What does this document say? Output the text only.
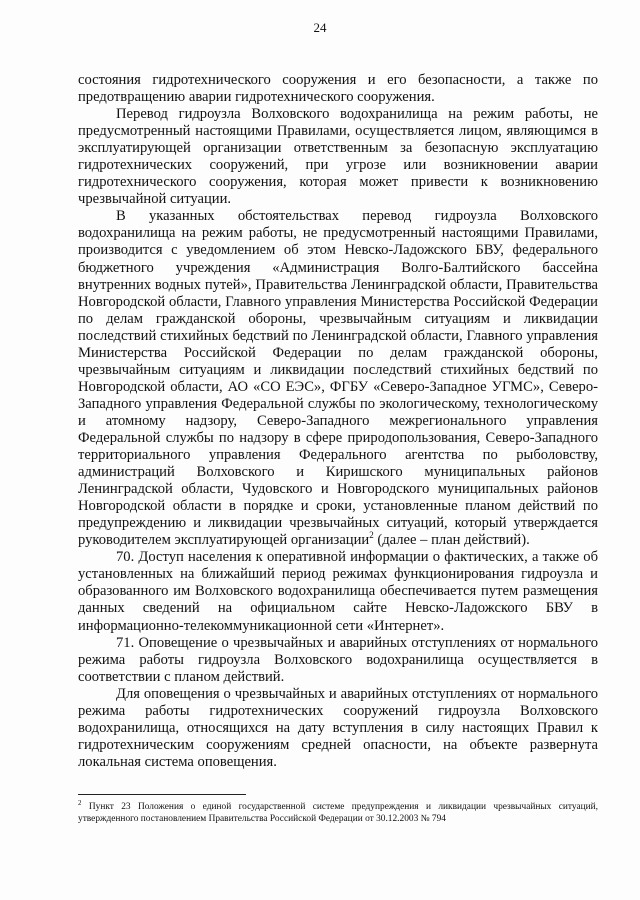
24

состояния гидротехнического сооружения и его безопасности, а также по предотвращению аварии гидротехнического сооружения.

Перевод гидроузла Волховского водохранилища на режим работы, не предусмотренный настоящими Правилами, осуществляется лицом, являющимся в эксплуатирующей организации ответственным за безопасную эксплуатацию гидротехнических сооружений, при угрозе или возникновении аварии гидротехнического сооружения, которая может привести к возникновению чрезвычайной ситуации.

В указанных обстоятельствах перевод гидроузла Волховского водохранилища на режим работы, не предусмотренный настоящими Правилами, производится с уведомлением об этом Невско-Ладожского БВУ, федерального бюджетного учреждения «Администрация Волго-Балтийского бассейна внутренних водных путей», Правительства Ленинградской области, Правительства Новгородской области, Главного управления Министерства Российской Федерации по делам гражданской обороны, чрезвычайным ситуациям и ликвидации последствий стихийных бедствий по Ленинградской области, Главного управления Министерства Российской Федерации по делам гражданской обороны, чрезвычайным ситуациям и ликвидации последствий стихийных бедствий по Новгородской области, АО «СО ЕЭС», ФГБУ «Северо-Западное УГМС», Северо-Западного управления Федеральной службы по экологическому, технологическому и атомному надзору, Северо-Западного межрегионального управления Федеральной службы по надзору в сфере природопользования, Северо-Западного территориального управления Федерального агентства по рыболовству, администраций Волховского и Киришского муниципальных районов Ленинградской области, Чудовского и Новгородского муниципальных районов Новгородской области в порядке и сроки, установленные планом действий по предупреждению и ликвидации чрезвычайных ситуаций, который утверждается руководителем эксплуатирующей организации$^2$ (далее – план действий).

70. Доступ населения к оперативной информации о фактических, а также об установленных на ближайший период режимах функционирования гидроузла и образованного им Волховского водохранилища обеспечивается путем размещения данных сведений на официальном сайте Невско-Ладожского БВУ в информационно-телекоммуникационной сети «Интернет».

71. Оповещение о чрезвычайных и аварийных отступлениях от нормального режима работы гидроузла Волховского водохранилища осуществляется в соответствии с планом действий.

Для оповещения о чрезвычайных и аварийных отступлениях от нормального режима работы гидротехнических сооружений гидроузла Волховского водохранилища, относящихся на дату вступления в силу настоящих Правил к гидротехническим сооружениям средней опасности, на объекте развернута локальная система оповещения.

$^2$ Пункт 23 Положения о единой государственной системе предупреждения и ликвидации чрезвычайных ситуаций, утвержденного постановлением Правительства Российской Федерации от 30.12.2003 № 794
